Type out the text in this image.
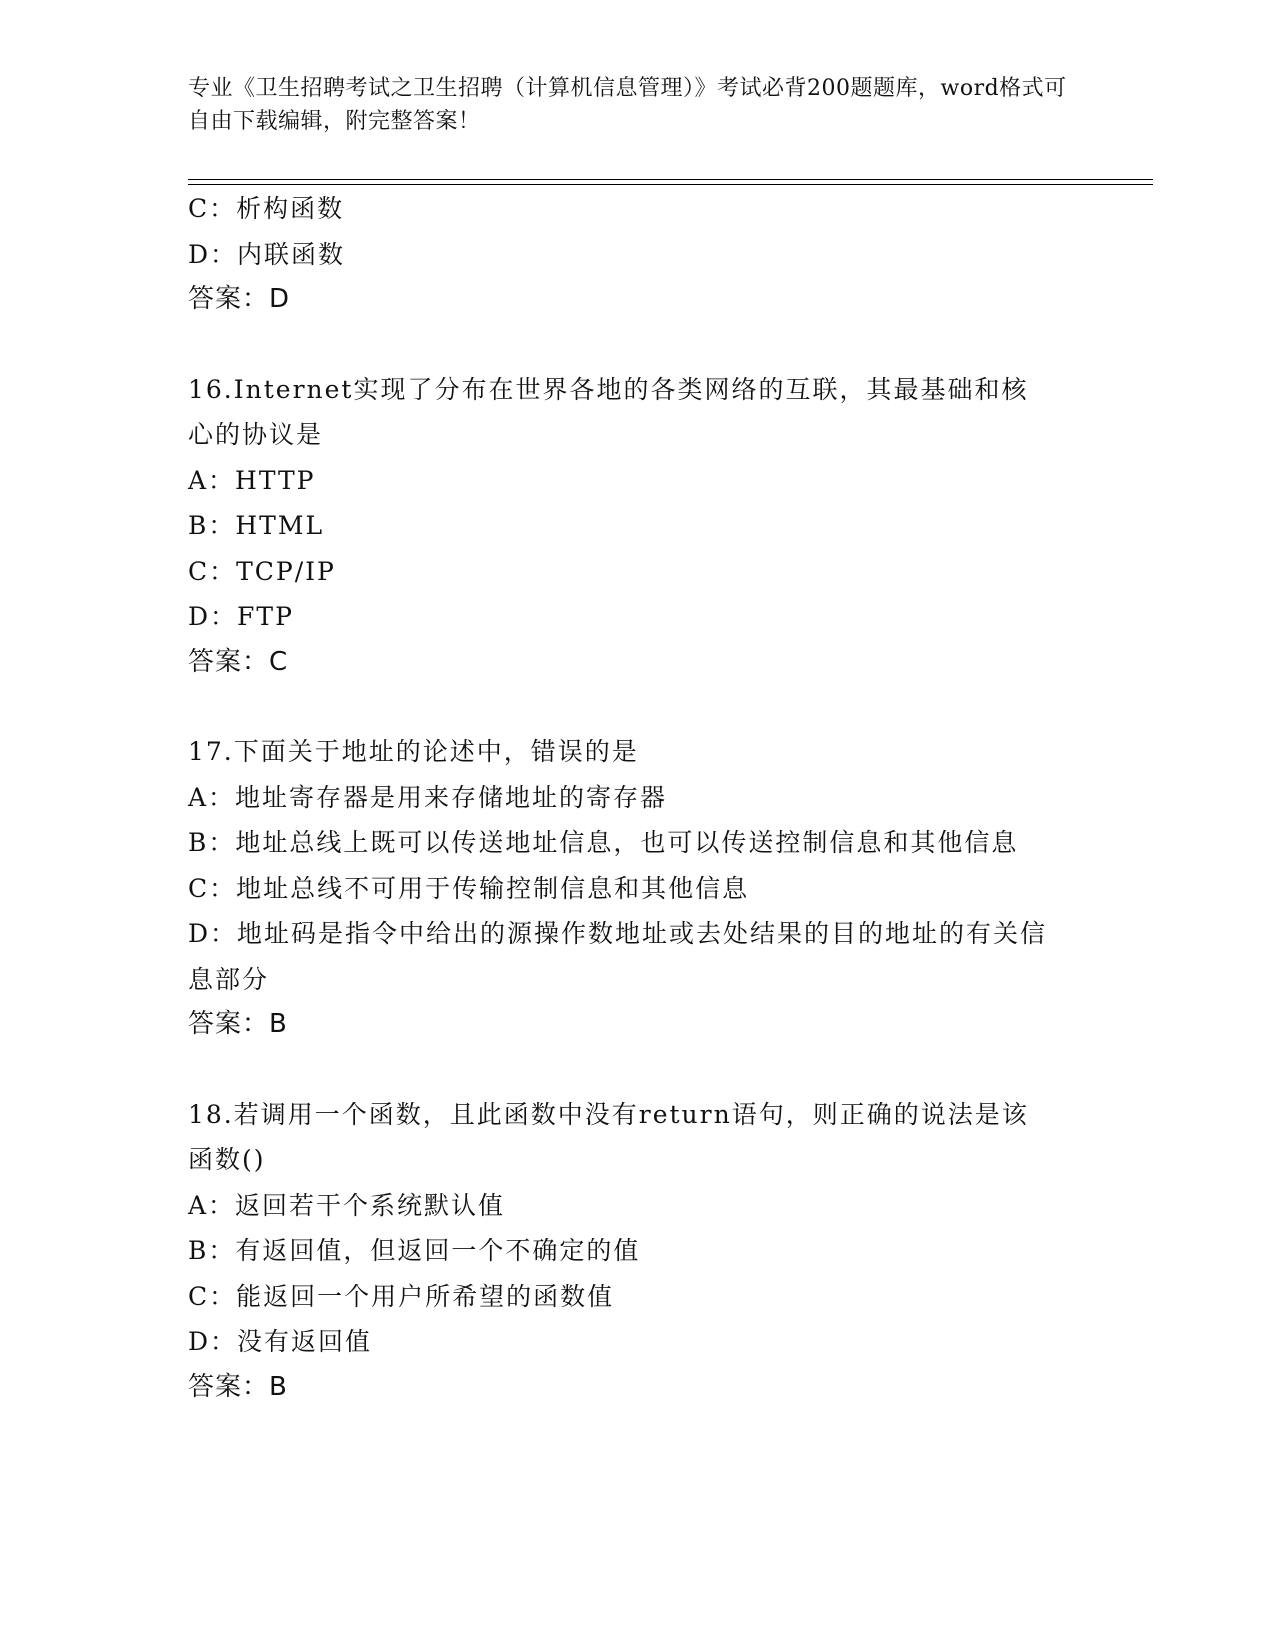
专业《卫生招聘考试之卫生招聘（计算机信息管理）》考试必背200题题库，word格式可自由下载编辑，附完整答案！
C：析构函数
D：内联函数
答案：D
16.Internet实现了分布在世界各地的各类网络的互联，其最基础和核心的协议是
A：HTTP
B：HTML
C：TCP/IP
D：FTP
答案：C
17.下面关于地址的论述中，错误的是
A：地址寄存器是用来存储地址的寄存器
B：地址总线上既可以传送地址信息，也可以传送控制信息和其他信息
C：地址总线不可用于传输控制信息和其他信息
D：地址码是指令中给出的源操作数地址或去处结果的目的地址的有关信息部分
答案：B
18.若调用一个函数，且此函数中没有return语句，则正确的说法是该函数()
A：返回若干个系统默认值
B：有返回值，但返回一个不确定的值
C：能返回一个用户所希望的函数值
D：没有返回值
答案：B
